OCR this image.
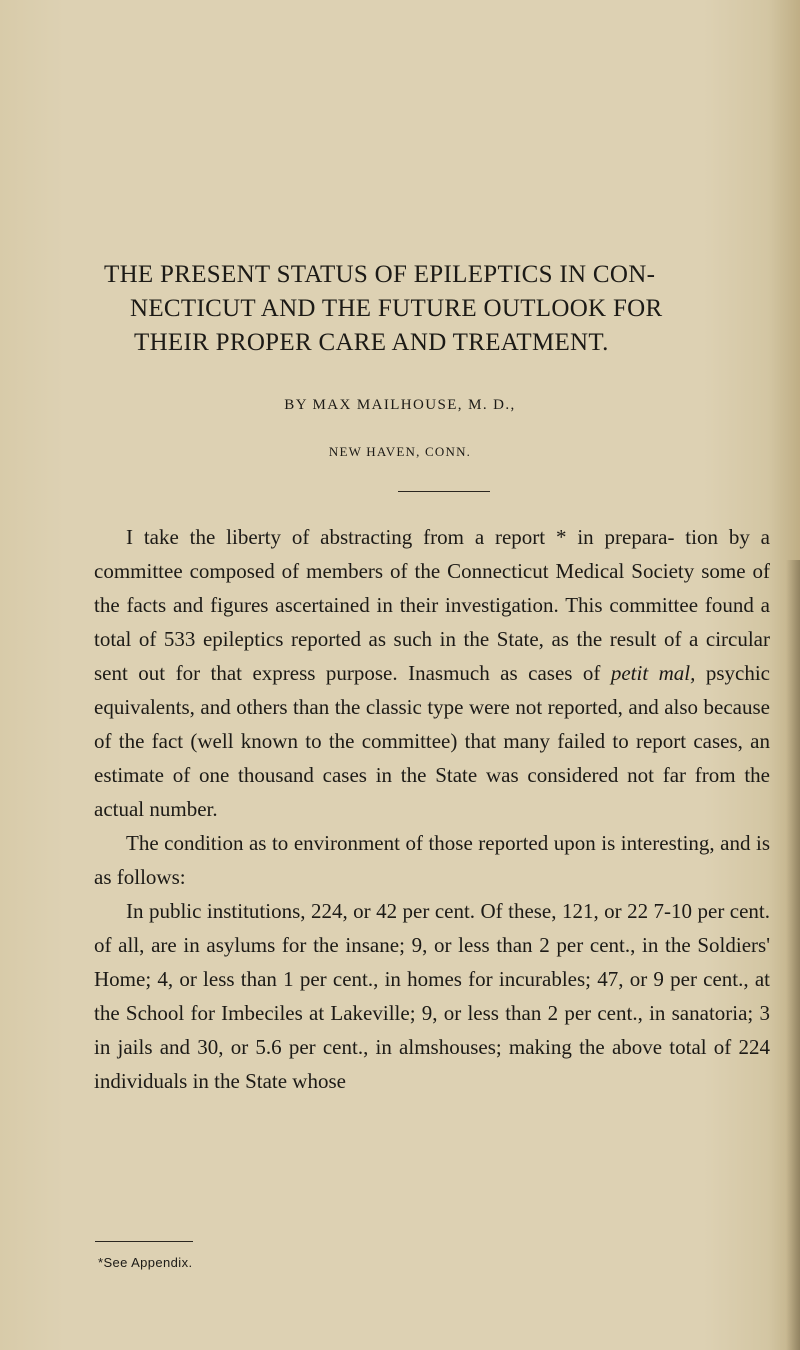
THE PRESENT STATUS OF EPILEPTICS IN CON-
NECTICUT AND THE FUTURE OUTLOOK FOR
THEIR PROPER CARE AND TREATMENT.
BY MAX MAILHOUSE, M. D.,
NEW HAVEN, CONN.

I take the liberty of abstracting from a report * in prepara- tion by a committee composed of members of the Connecticut Medical Society some of the facts and figures ascertained in their investigation. This committee found a total of 533 epileptics reported as such in the State, as the result of a circular sent out for that express purpose. Inasmuch as cases of petit mal, psychic equivalents, and others than the classic type were not reported, and also because of the fact (well known to the committee) that many failed to report cases, an estimate of one thousand cases in the State was considered not far from the actual number.

The condition as to environment of those reported upon is interesting, and is as follows:

In public institutions, 224, or 42 per cent. Of these, 121, or 22 7-10 per cent. of all, are in asylums for the insane; 9, or less than 2 per cent., in the Soldiers' Home; 4, or less than 1 per cent., in homes for incurables; 47, or 9 per cent., at the School for Imbeciles at Lakeville; 9, or less than 2 per cent., in sanatoria; 3 in jails and 30, or 5.6 per cent., in almshouses; making the above total of 224 individuals in the State whose

*See Appendix.
